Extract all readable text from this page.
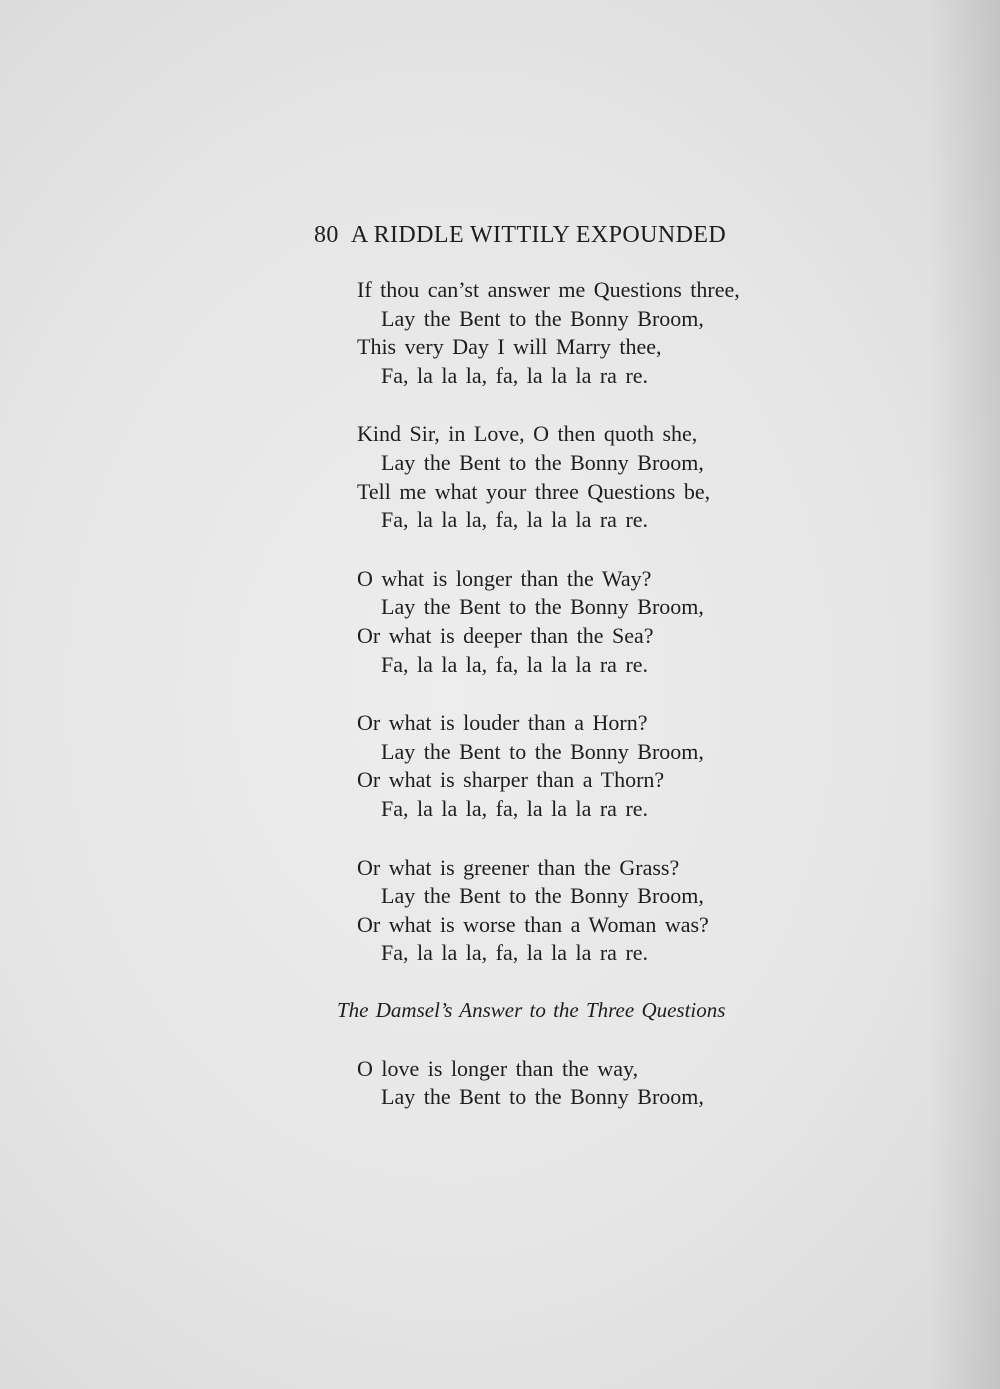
80 A RIDDLE WITTILY EXPOUNDED
If thou can’st answer me Questions three,
Lay the Bent to the Bonny Broom,
This very Day I will Marry thee,
Fa, la la la, fa, la la la ra re.
Kind Sir, in Love, O then quoth she,
Lay the Bent to the Bonny Broom,
Tell me what your three Questions be,
Fa, la la la, fa, la la la ra re.
O what is longer than the Way?
Lay the Bent to the Bonny Broom,
Or what is deeper than the Sea?
Fa, la la la, fa, la la la ra re.
Or what is louder than a Horn?
Lay the Bent to the Bonny Broom,
Or what is sharper than a Thorn?
Fa, la la la, fa, la la la ra re.
Or what is greener than the Grass?
Lay the Bent to the Bonny Broom,
Or what is worse than a Woman was?
Fa, la la la, fa, la la la ra re.
The Damsel’s Answer to the Three Questions
O love is longer than the way,
Lay the Bent to the Bonny Broom,
